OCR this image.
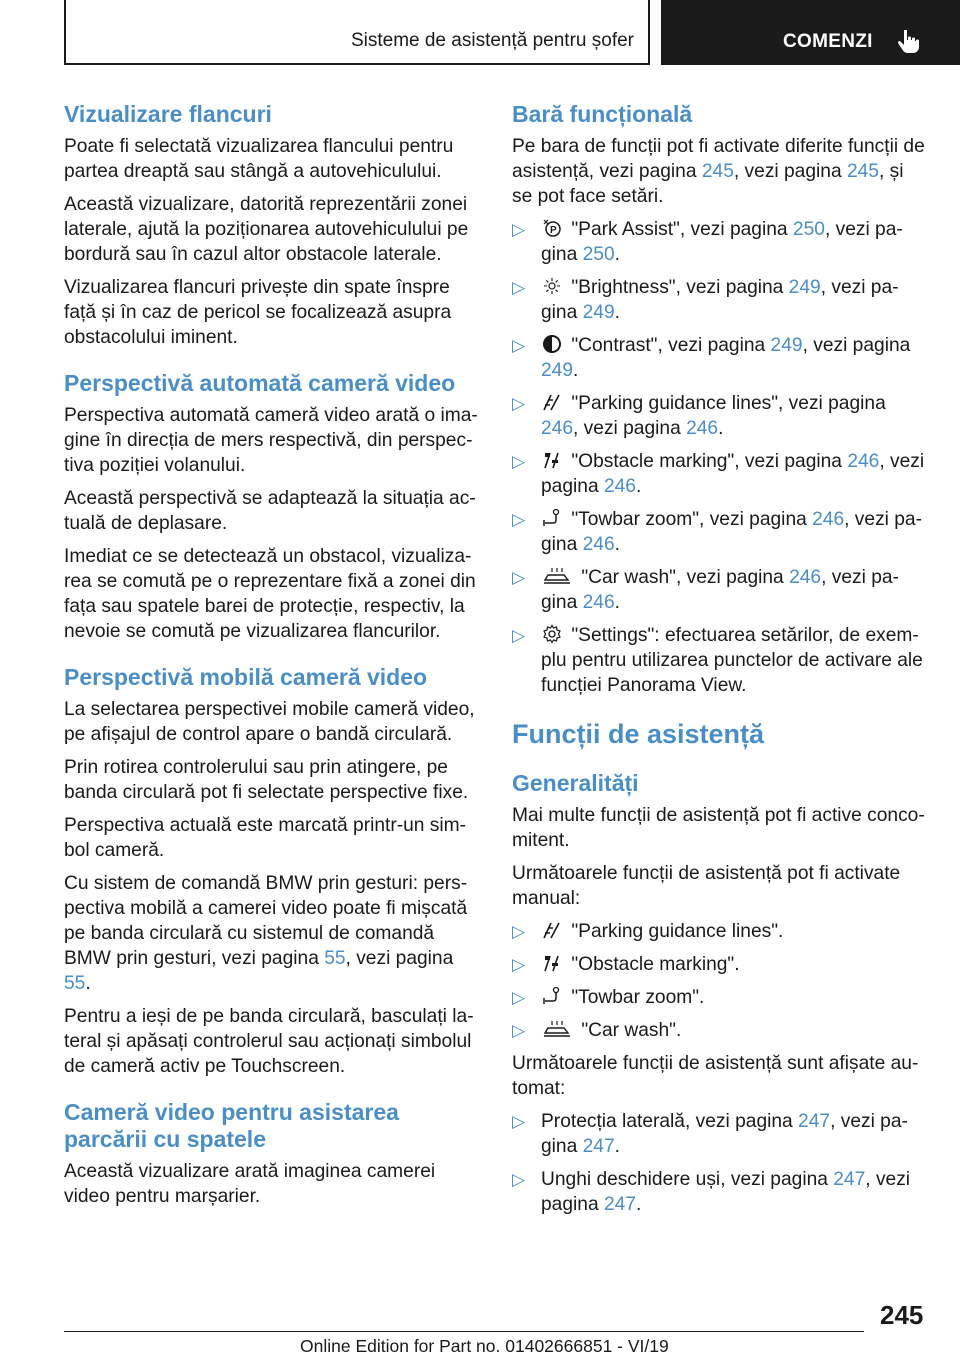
Sisteme de asistență pentru șofer	COMENZI
Vizualizare flancuri

Poate fi selectată vizualizarea flancului pentru partea dreaptă sau stângă a autovehiculului.

Această vizualizare, datorită reprezentării zonei laterale, ajută la poziționarea autovehiculului pe bordură sau în cazul altor obstacole laterale.

Vizualizarea flancuri privește din spate înspre față și în caz de pericol se focalizează asupra obstacolului iminent.

Perspectivă automată cameră video

Perspectiva automată cameră video arată o imagine în direcția de mers respectivă, din perspectiva poziției volanului.

Această perspectivă se adaptează la situația actuală de deplasare.

Imediat ce se detectează un obstacol, vizualizarea se comută pe o reprezentare fixă a zonei din fața sau spatele barei de protecție, respectiv, la nevoie se comută pe vizualizarea flancurilor.

Perspectivă mobilă cameră video

La selectarea perspectivei mobile cameră video, pe afișajul de control apare o bandă circulară.

Prin rotirea controlerului sau prin atingere, pe banda circulară pot fi selectate perspective fixe.

Perspectiva actuală este marcată printr-un simbol cameră.

Cu sistem de comandă BMW prin gesturi: perspectiva mobilă a camerei video poate fi mișcată pe banda circulară cu sistemul de comandă BMW prin gesturi, vezi pagina 55, vezi pagina 55.

Pentru a ieși de pe banda circulară, basculați lateral și apăsați controlerul sau acționați simbolul de cameră activ pe Touchscreen.

Cameră video pentru asistarea parcării cu spatele

Această vizualizare arată imaginea camerei video pentru marșarier.

Bară funcțională

Pe bara de funcții pot fi activate diferite funcții de asistență, vezi pagina 245, vezi pagina 245, și se pot face setări.

▷ P "Park Assist", vezi pagina 250, vezi pagina 250.
▷ "Brightness", vezi pagina 249, vezi pagina 249.
▷ "Contrast", vezi pagina 249, vezi pagina 249.
▷ "Parking guidance lines", vezi pagina 246, vezi pagina 246.
▷ "Obstacle marking", vezi pagina 246, vezi pagina 246.
▷ "Towbar zoom", vezi pagina 246, vezi pagina 246.
▷	"Car wash", vezi pagina 246, vezi pagina 246.
▷ "Settings": efectuarea setărilor, de exemplu pentru utilizarea punctelor de activare ale funcției Panorama View.
Funcții de asistență
Generalități

Mai multe funcții de asistență pot fi active concomitent.

Următoarele funcții de asistență pot fi activate manual:

▷ "Parking guidance lines".
▷ "Obstacle marking".
▷ "Towbar zoom".
▷	"Car wash".

Următoarele funcții de asistență sunt afișate automat:

▷ Protecția laterală, vezi pagina 247, vezi pagina 247.
▷ Unghi deschidere uși, vezi pagina 247, vezi pagina 247.
245
Online Edition for Part no. 01402666851 - VI/19
